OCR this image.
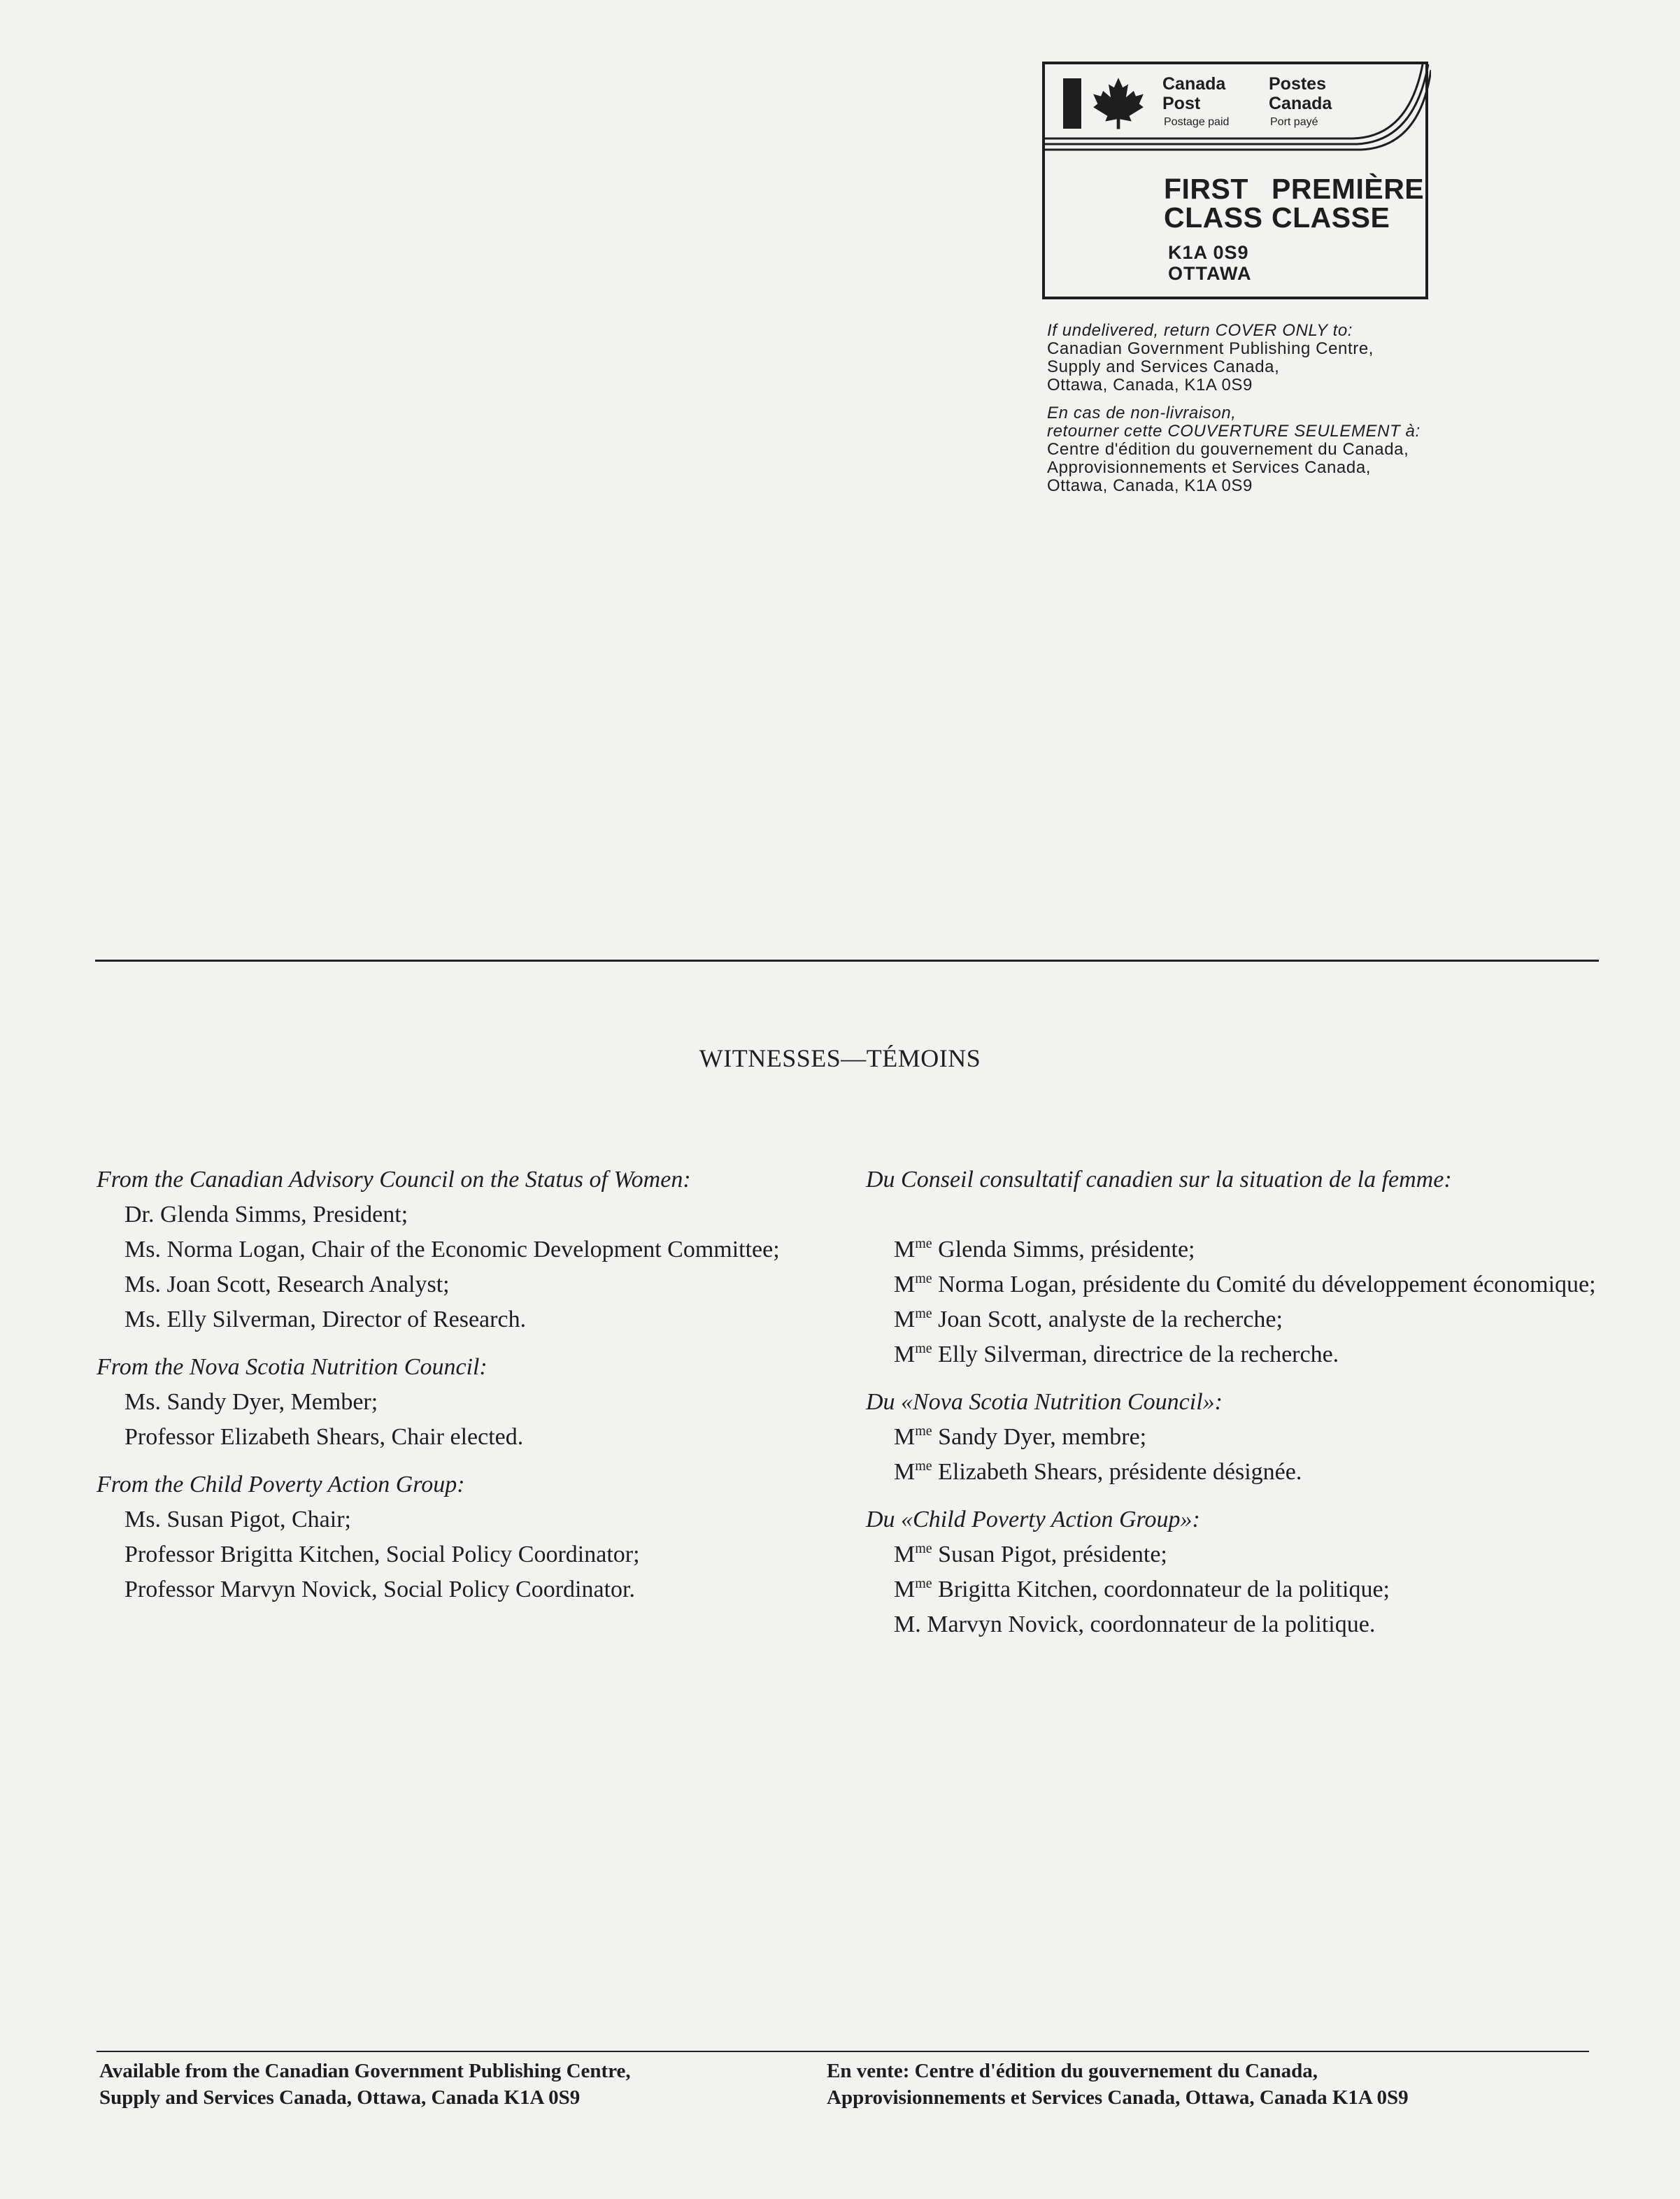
Canada
Post
Postage paid
Postes
Canada
Port payé
FIRST PREMIÈRE
CLASS CLASSE
K1A 0S9
OTTAWA
If undelivered, return COVER ONLY to:
Canadian Government Publishing Centre,
Supply and Services Canada,
Ottawa, Canada, K1A 0S9
En cas de non-livraison,
retourner cette COUVERTURE SEULEMENT à:
Centre d'édition du gouvernement du Canada,
Approvisionnements et Services Canada,
Ottawa, Canada, K1A 0S9
WITNESSES—TÉMOINS
From the Canadian Advisory Council on the Status of Women:
Dr. Glenda Simms, President;
Ms. Norma Logan, Chair of the Economic Development Committee;
Ms. Joan Scott, Research Analyst;
Ms. Elly Silverman, Director of Research.
From the Nova Scotia Nutrition Council:
Ms. Sandy Dyer, Member;
Professor Elizabeth Shears, Chair elected.
From the Child Poverty Action Group:
Ms. Susan Pigot, Chair;
Professor Brigitta Kitchen, Social Policy Coordinator;
Professor Marvyn Novick, Social Policy Coordinator.
Du Conseil consultatif canadien sur la situation de la femme:
$M^{me}$ Glenda Simms, présidente;
$M^{me}$ Norma Logan, présidente du Comité du développement économique;
$M^{me}$ Joan Scott, analyste de la recherche;
$M^{me}$ Elly Silverman, directrice de la recherche.
Du «Nova Scotia Nutrition Council»:
$M^{me}$ Sandy Dyer, membre;
$M^{me}$ Elizabeth Shears, présidente désignée.
Du «Child Poverty Action Group»:
$M^{me}$ Susan Pigot, présidente;
$M^{me}$ Brigitta Kitchen, coordonnateur de la politique;
M. Marvyn Novick, coordonnateur de la politique.
Available from the Canadian Government Publishing Centre,
Supply and Services Canada, Ottawa, Canada K1A 0S9
En vente: Centre d'édition du gouvernement du Canada,
Approvisionnements et Services Canada, Ottawa, Canada K1A 0S9
